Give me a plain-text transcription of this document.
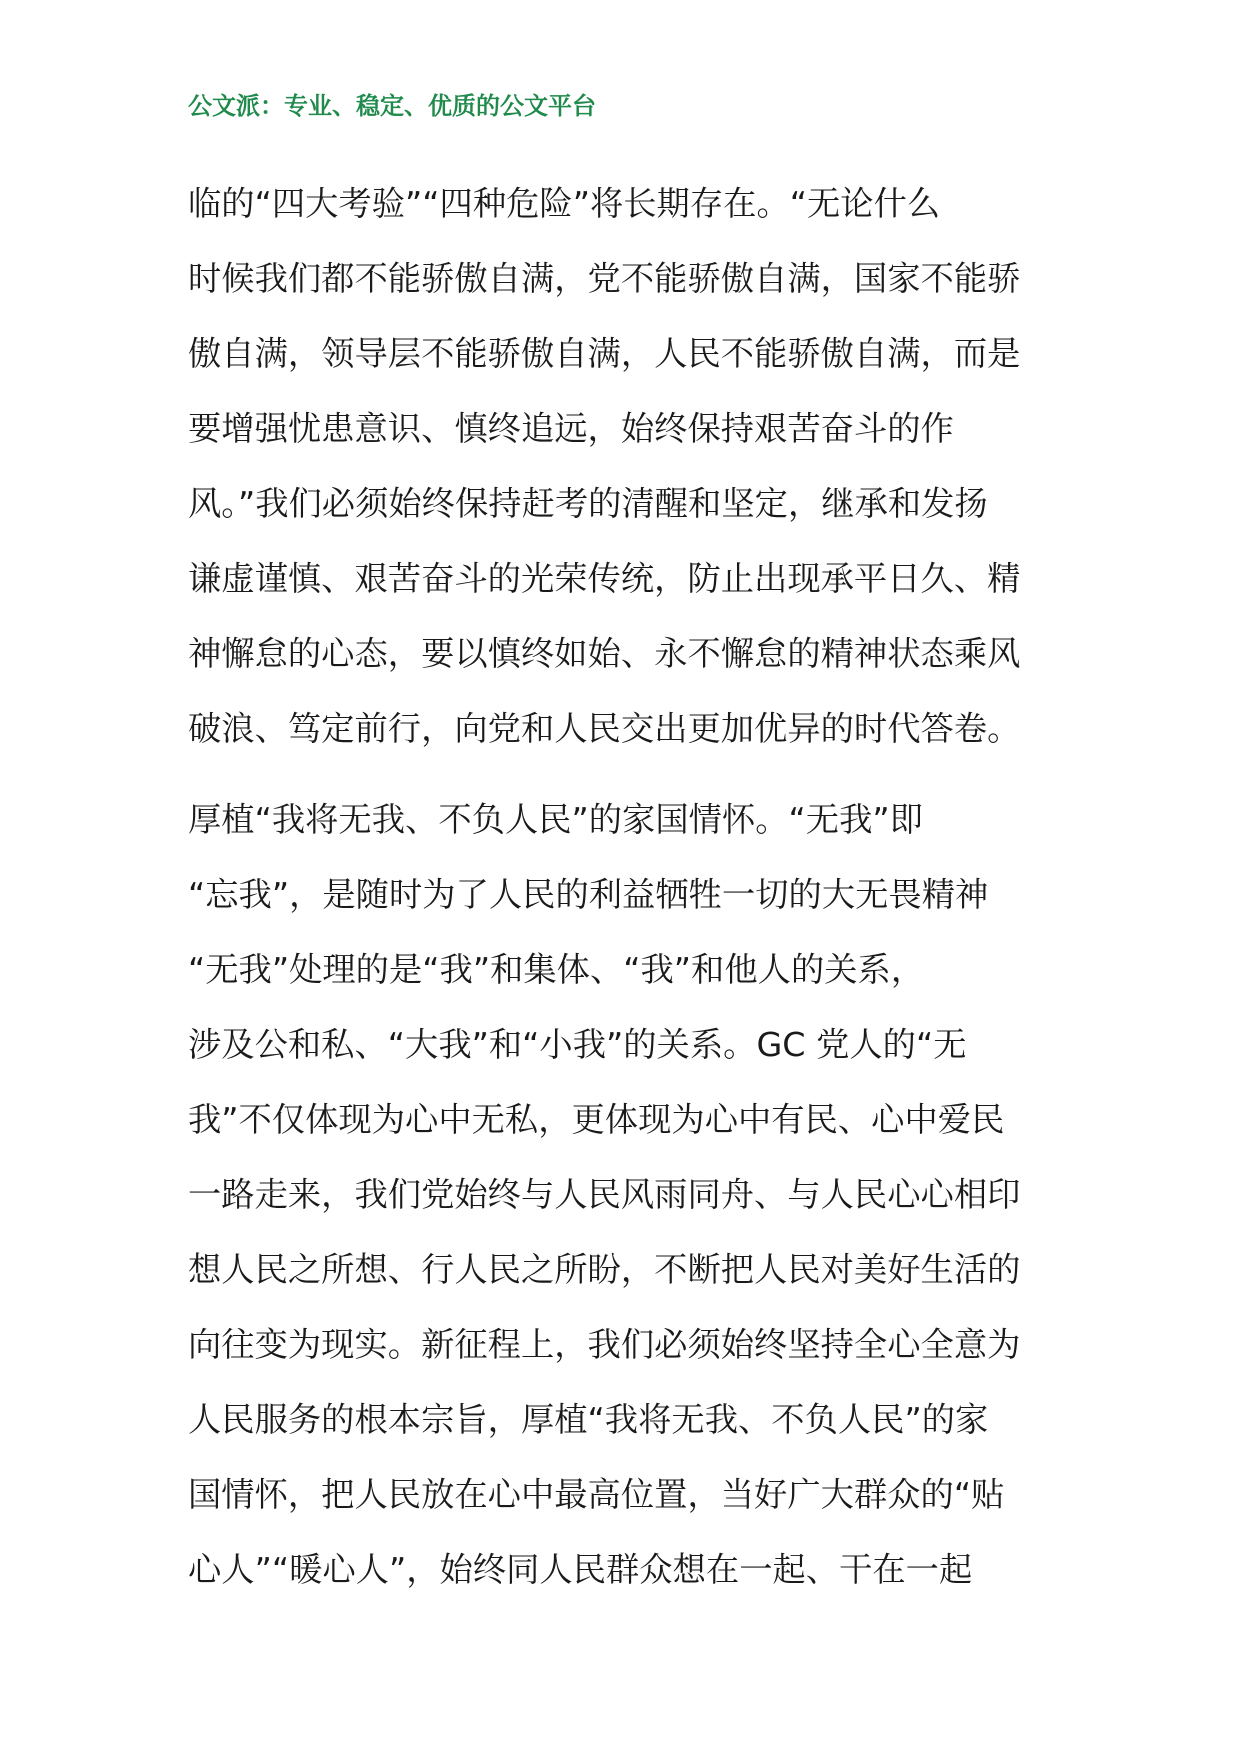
公文派：专业、稳定、优质的公文平台
临的“四大考验”“四种危险”将长期存在。“无论什么
时候我们都不能骄傲自满，党不能骄傲自满，国家不能骄
傲自满，领导层不能骄傲自满，人民不能骄傲自满，而是
要增强忧患意识、慎终追远，始终保持艰苦奋斗的作
风。”我们必须始终保持赶考的清醒和坚定，继承和发扬
谦虚谨慎、艰苦奋斗的光荣传统，防止出现承平日久、精
神懈怠的心态，要以慎终如始、永不懈怠的精神状态乘风
破浪、笃定前行，向党和人民交出更加优异的时代答卷。
厚植“我将无我、不负人民”的家国情怀。“无我”即
“忘我”，是随时为了人民的利益牺牲一切的大无畏精神
“无我”处理的是“我”和集体、“我”和他人的关系，
涉及公和私、“大我”和“小我”的关系。GC 党人的“无
我”不仅体现为心中无私，更体现为心中有民、心中爱民
一路走来，我们党始终与人民风雨同舟、与人民心心相印
想人民之所想、行人民之所盼，不断把人民对美好生活的
向往变为现实。新征程上，我们必须始终坚持全心全意为
人民服务的根本宗旨，厚植“我将无我、不负人民”的家
国情怀，把人民放在心中最高位置，当好广大群众的“贴
心人”“暖心人”，始终同人民群众想在一起、干在一起
